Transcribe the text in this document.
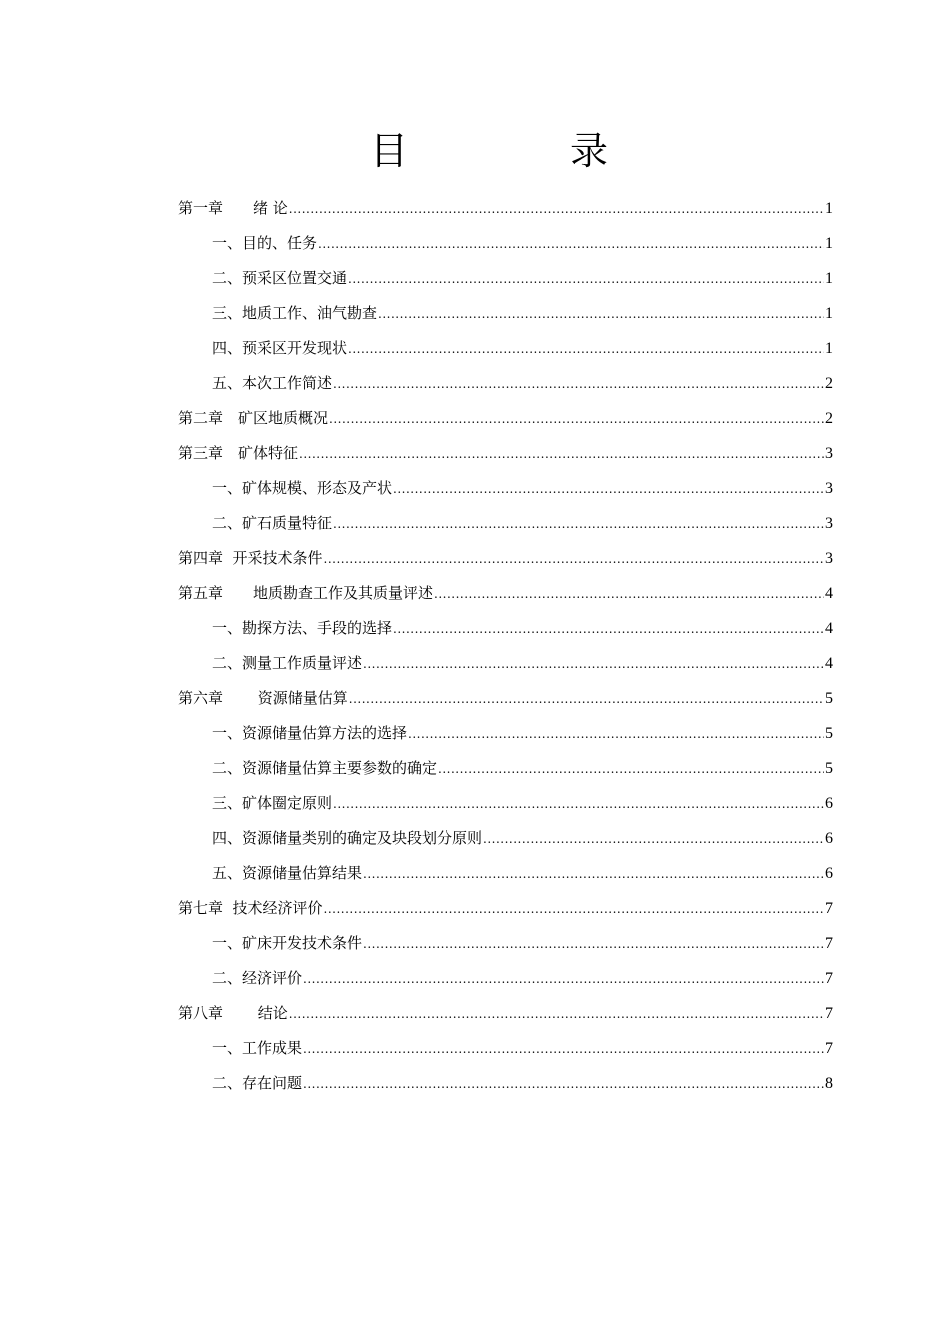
目　　　　录
第一章　　绪 论 .....	1
一、目的、任务 .....	1
二、预采区位置交通 .....	1
三、地质工作、油气勘查 .....	1
四、预采区开发现状 .....	1
五、本次工作简述 .....	2
第二章　矿区地质概况 .....	2
第三章　矿体特征 .....	3
一、矿体规模、形态及产状 .....	3
二、矿石质量特征 .....	3
第四章  开采技术条件 .....	3
第五章　　地质勘查工作及其质量评述 .....	4
一、勘探方法、手段的选择 .....	4
二、测量工作质量评述 .....	4
第六章　　 资源储量估算 .....	5
一、资源储量估算方法的选择 .....	5
二、资源储量估算主要参数的确定 .....	5
三、矿体圈定原则 .....	6
四、资源储量类别的确定及块段划分原则 .....	6
五、资源储量估算结果 .....	6
第七章  技术经济评价 .....	7
一、矿床开发技术条件 .....	7
二、经济评价 .....	7
第八章　　 结论 .....	7
一、工作成果 .....	7
二、存在问题 .....	8
